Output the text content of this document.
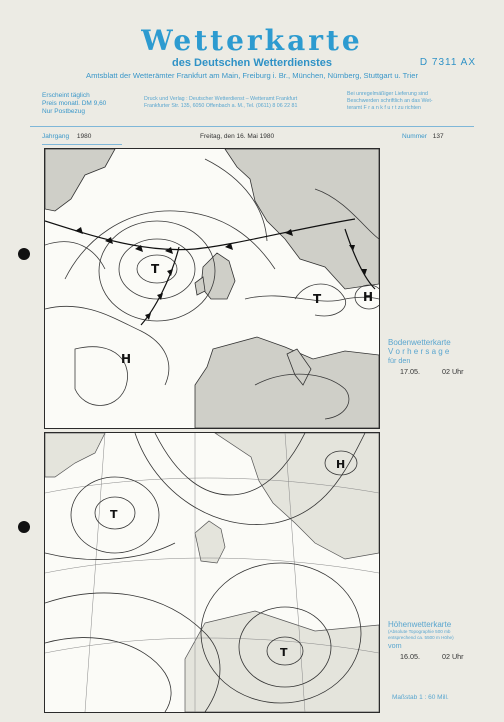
Wetterkarte
des Deutschen Wetterdienstes	D 7311 AX
Amtsblatt der Wetterämter Frankfurt am Main, Freiburg i. Br., München, Nürnberg, Stuttgart u. Trier
Erscheint täglich
Preis monatl. DM 9,60
Nur Postbezug
Druck und Verlag : Deutscher Wetterdienst – Wetteramt Frankfurt
Frankfurter Str. 135, 6050 Offenbach a. M., Tel. (0611) 8 06 22 81
Bei unregelmäßiger Lieferung sind
Beschwerden schriftlich an das Wet-
teramt F r a n k f u r t zu richten
Jahrgang 1980	Freitag, den 16. Mai 1980	Nummer 137
T
H
H
T
Bodenwetterkarte
V o r h e r s a g e
für den
17.05.	02 Uhr
T
T
H
Höhenwetterkarte
(Absolute Topographie 500 mb
entsprechend ca. 5500 m Höhe)
vom
16.05.	02 Uhr
Maßstab 1 : 60 Mill.
